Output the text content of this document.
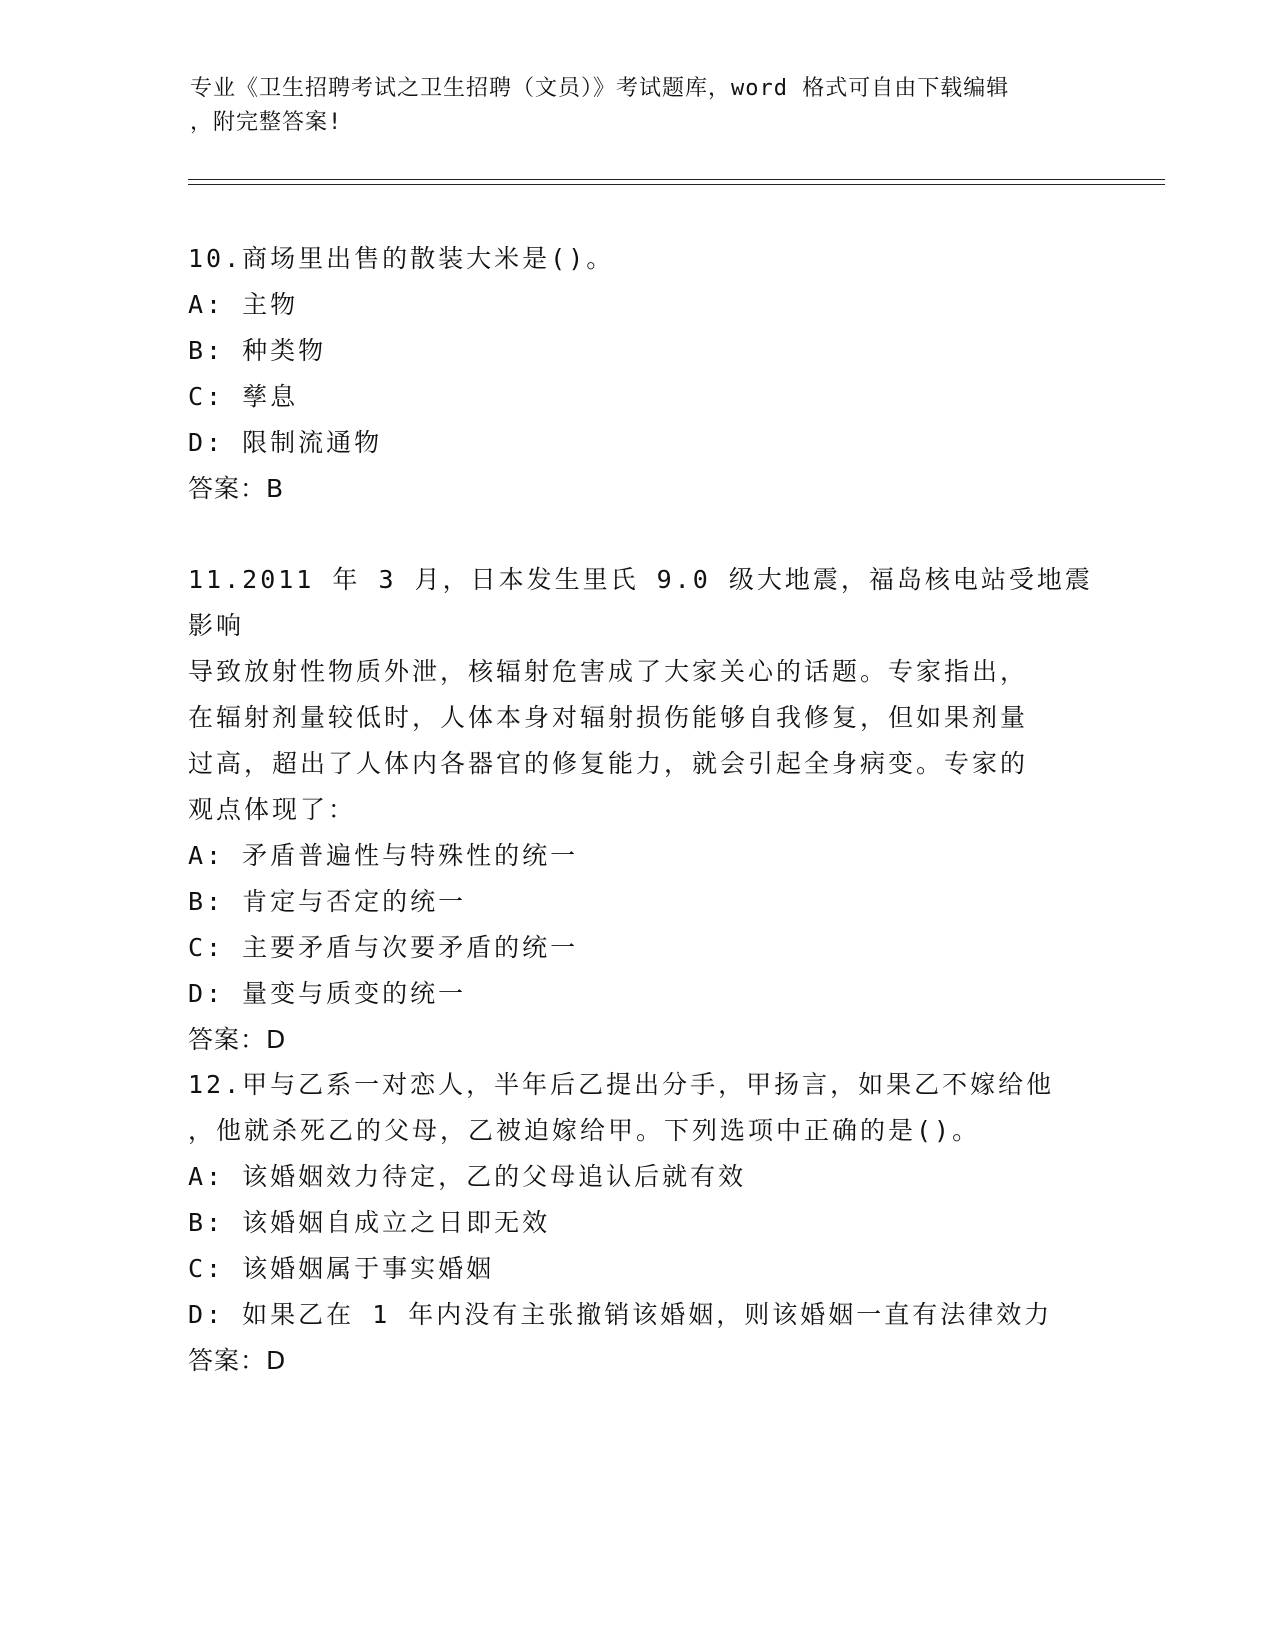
专业《卫生招聘考试之卫生招聘（文员）》考试题库，word 格式可自由下载编辑
，附完整答案!

10.商场里出售的散装大米是()。

A: 主物

B: 种类物

C: 孳息

D: 限制流通物

答案：B

11.2011 年 3 月，日本发生里氏 9.0 级大地震，福岛核电站受地震影响

导致放射性物质外泄，核辐射危害成了大家关心的话题。专家指出，

在辐射剂量较低时，人体本身对辐射损伤能够自我修复，但如果剂量

过高，超出了人体内各器官的修复能力，就会引起全身病变。专家的

观点体现了：

A: 矛盾普遍性与特殊性的统一

B: 肯定与否定的统一

C: 主要矛盾与次要矛盾的统一

D: 量变与质变的统一

答案：D

12.甲与乙系一对恋人，半年后乙提出分手，甲扬言，如果乙不嫁给他

，他就杀死乙的父母，乙被迫嫁给甲。下列选项中正确的是()。

A: 该婚姻效力待定，乙的父母追认后就有效

B: 该婚姻自成立之日即无效

C: 该婚姻属于事实婚姻

D: 如果乙在 1 年内没有主张撤销该婚姻，则该婚姻一直有法律效力

答案：D
